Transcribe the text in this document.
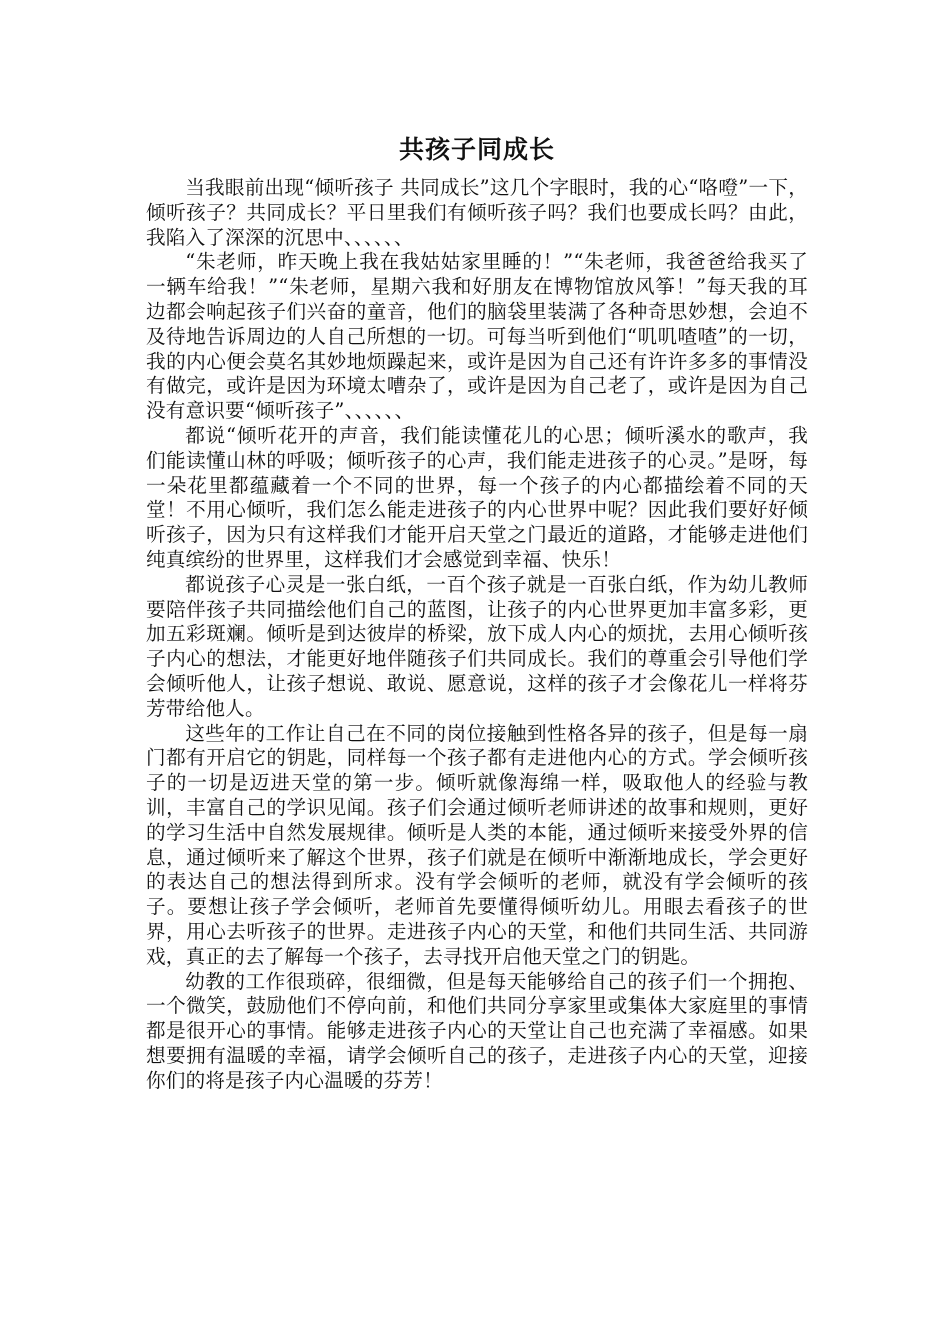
共孩子同成长

当我眼前出现“倾听孩子 共同成长”这几个字眼时，我的心“咯噔”一下，倾听孩子？共同成长？平日里我们有倾听孩子吗？我们也要成长吗？由此，我陷入了深深的沉思中、、、、、、

“朱老师，昨天晚上我在我姑姑家里睡的！”“朱老师，我爸爸给我买了一辆车给我！”“朱老师，星期六我和好朋友在博物馆放风筝！”每天我的耳边都会响起孩子们兴奋的童音，他们的脑袋里装满了各种奇思妙想，会迫不及待地告诉周边的人自己所想的一切。可每当听到他们“叽叽喳喳”的一切，我的内心便会莫名其妙地烦躁起来，或许是因为自己还有许许多多的事情没有做完，或许是因为环境太嘈杂了，或许是因为自己老了，或许是因为自己没有意识要“倾听孩子”、、、、、、

都说“倾听花开的声音，我们能读懂花儿的心思；倾听溪水的歌声，我们能读懂山林的呼吸；倾听孩子的心声，我们能走进孩子的心灵。”是呀，每一朵花里都蕴藏着一个不同的世界，每一个孩子的内心都描绘着不同的天堂！不用心倾听，我们怎么能走进孩子的内心世界中呢？因此我们要好好倾听孩子，因为只有这样我们才能开启天堂之门最近的道路，才能够走进他们纯真缤纷的世界里，这样我们才会感觉到幸福、快乐！

都说孩子心灵是一张白纸，一百个孩子就是一百张白纸，作为幼儿教师要陪伴孩子共同描绘他们自己的蓝图，让孩子的内心世界更加丰富多彩，更加五彩斑斓。倾听是到达彼岸的桥梁，放下成人内心的烦扰，去用心倾听孩子内心的想法，才能更好地伴随孩子们共同成长。我们的尊重会引导他们学会倾听他人，让孩子想说、敢说、愿意说，这样的孩子才会像花儿一样将芬芳带给他人。

这些年的工作让自己在不同的岗位接触到性格各异的孩子，但是每一扇门都有开启它的钥匙，同样每一个孩子都有走进他内心的方式。学会倾听孩子的一切是迈进天堂的第一步。倾听就像海绵一样，吸取他人的经验与教训，丰富自己的学识见闻。孩子们会通过倾听老师讲述的故事和规则，更好的学习生活中自然发展规律。倾听是人类的本能，通过倾听来接受外界的信息，通过倾听来了解这个世界，孩子们就是在倾听中渐渐地成长，学会更好的表达自己的想法得到所求。没有学会倾听的老师，就没有学会倾听的孩子。要想让孩子学会倾听，老师首先要懂得倾听幼儿。用眼去看孩子的世界，用心去听孩子的世界。走进孩子内心的天堂，和他们共同生活、共同游戏，真正的去了解每一个孩子，去寻找开启他天堂之门的钥匙。

幼教的工作很琐碎，很细微，但是每天能够给自己的孩子们一个拥抱、一个微笑，鼓励他们不停向前，和他们共同分享家里或集体大家庭里的事情都是很开心的事情。能够走进孩子内心的天堂让自己也充满了幸福感。如果想要拥有温暖的幸福，请学会倾听自己的孩子，走进孩子内心的天堂，迎接你们的将是孩子内心温暖的芬芳！
